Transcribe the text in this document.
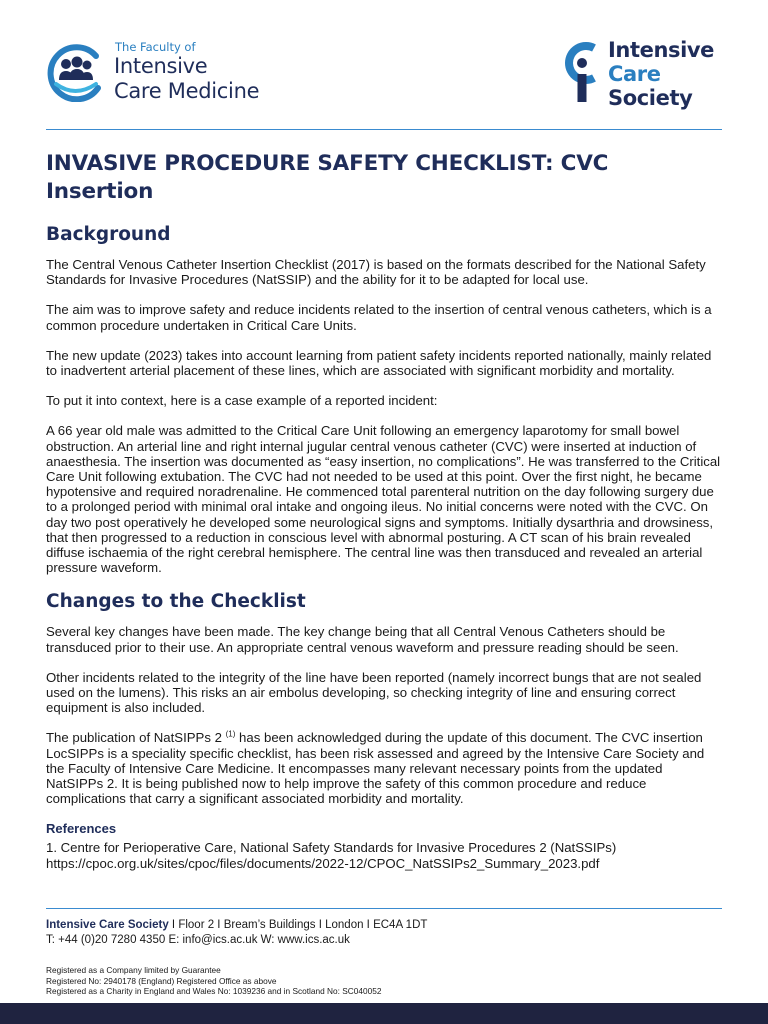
The Faculty of
Intensive
Care Medicine
Intensive
Care
Society
INVASIVE PROCEDURE SAFETY CHECKLIST: CVC Insertion
Background

The Central Venous Catheter Insertion Checklist (2017) is based on the formats described for the National Safety Standards for Invasive Procedures (NatSSIP) and the ability for it to be adapted for local use.

The aim was to improve safety and reduce incidents related to the insertion of central venous catheters, which is a common procedure undertaken in Critical Care Units.

The new update (2023) takes into account learning from patient safety incidents reported nationally, mainly related to inadvertent arterial placement of these lines, which are associated with significant morbidity and mortality.

To put it into context, here is a case example of a reported incident:

A 66 year old male was admitted to the Critical Care Unit following an emergency laparotomy for small bowel obstruction. An arterial line and right internal jugular central venous catheter (CVC) were inserted at induction of anaesthesia. The insertion was documented as “easy insertion, no complications”. He was transferred to the Critical Care Unit following extubation. The CVC had not needed to be used at this point. Over the first night, he became hypotensive and required noradrenaline. He commenced total parenteral nutrition on the day following surgery due to a prolonged period with minimal oral intake and ongoing ileus. No initial concerns were noted with the CVC. On day two post operatively he developed some neurological signs and symptoms. Initially dysarthria and drowsiness, that then progressed to a reduction in conscious level with abnormal posturing. A CT scan of his brain revealed diffuse ischaemia of the right cerebral hemisphere. The central line was then transduced and revealed an arterial pressure waveform.

Changes to the Checklist

Several key changes have been made. The key change being that all Central Venous Catheters should be transduced prior to their use. An appropriate central venous waveform and pressure reading should be seen.

Other incidents related to the integrity of the line have been reported (namely incorrect bungs that are not sealed used on the lumens). This risks an air embolus developing, so checking integrity of line and ensuring correct equipment is also included.

The publication of NatSIPPs 2 $^{(1)}$ has been acknowledged during the update of this document. The CVC insertion LocSIPPs is a speciality specific checklist, has been risk assessed and agreed by the Intensive Care Society and the Faculty of Intensive Care Medicine. It encompasses many relevant necessary points from the updated NatSIPPs 2. It is being published now to help improve the safety of this common procedure and reduce complications that carry a significant associated morbidity and mortality.

References
1. Centre for Perioperative Care, National Safety Standards for Invasive Procedures 2 (NatSSIPs)
https://cpoc.org.uk/sites/cpoc/files/documents/2022-12/CPOC_NatSSIPs2_Summary_2023.pdf
Intensive Care Society I Floor 2 I Bream’s Buildings I London I EC4A 1DT
T: +44 (0)20 7280 4350 E: info@ics.ac.uk W: www.ics.ac.uk
Registered as a Company limited by Guarantee
Registered No: 2940178 (England) Registered Office as above
Registered as a Charity in England and Wales No: 1039236 and in Scotland No: SC040052
